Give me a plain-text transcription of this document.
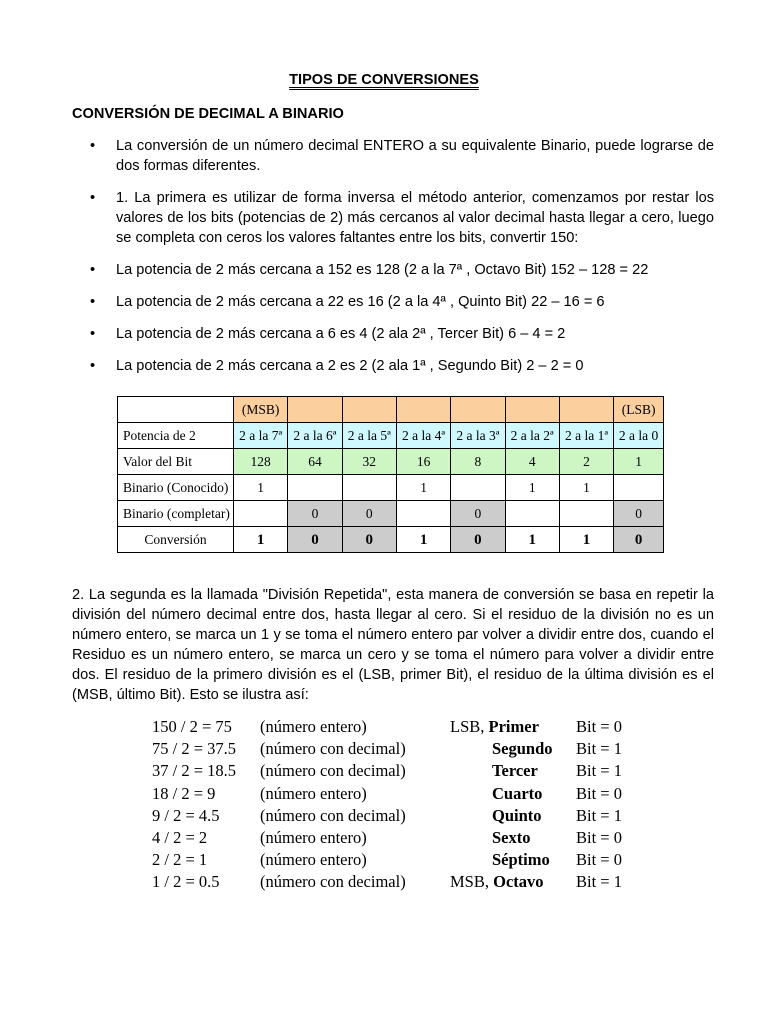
TIPOS DE CONVERSIONES
CONVERSIÓN DE DECIMAL A BINARIO
• La conversión de un número decimal ENTERO a su equivalente Binario, puede lograrse de dos formas diferentes.
• 1. La primera es utilizar de forma inversa el método anterior, comenzamos por restar los valores de los bits (potencias de 2) más cercanos al valor decimal hasta llegar a cero, luego se completa con ceros los valores faltantes entre los bits, convertir 150:
• La potencia de 2 más cercana a 152 es 128 (2 a la 7ª , Octavo Bit) 152 – 128 = 22
• La potencia de 2 más cercana a 22 es 16 (2 a la 4ª , Quinto Bit) 22 – 16 = 6
• La potencia de 2 más cercana a 6 es 4 (2 ala 2ª , Tercer Bit) 6 – 4 = 2
• La potencia de 2 más cercana a 2 es 2 (2 ala 1ª , Segundo Bit) 2 – 2 = 0
	(MSB)							(LSB)
Potencia de 2	2 a la 7ª	2 a la 6ª	2 a la 5ª	2 a la 4ª	2 a la 3ª	2 a la 2ª	2 a la 1ª	2 a la 0
Valor del Bit	128	64	32	16	8	4	2	1
Binario (Conocido)	1			1		1	1	
Binario (completar)		0	0		0			0
Conversión	1	0	0	1	0	1	1	0
2. La segunda es la llamada "División Repetida", esta manera de conversión se basa en repetir la división del número decimal entre dos, hasta llegar al cero. Si el residuo de la división no es un número entero, se marca un 1 y se toma el número entero par volver a dividir entre dos, cuando el Residuo es un número entero, se marca un cero y se toma el número para volver a dividir entre dos. El residuo de la primero división es el (LSB, primer Bit), el residuo de la última división es el (MSB, último Bit). Esto se ilustra así:
150 / 2 = 75 (número entero)	LSB, Primer Bit = 0
75 / 2 = 37.5 (número con decimal)	Segundo Bit = 1
37 / 2 = 18.5 (número con decimal)	Tercer Bit = 1
18 / 2 = 9	(número entero)	Cuarto Bit = 0
9 / 2 = 4.5 (número con decimal)	Quinto Bit = 1
4 / 2 = 2	(número entero)	Sexto	Bit = 0
2 / 2 = 1	(número entero)	Séptimo Bit = 0
1 / 2 = 0.5 (número con decimal)	MSB, Octavo Bit = 1
